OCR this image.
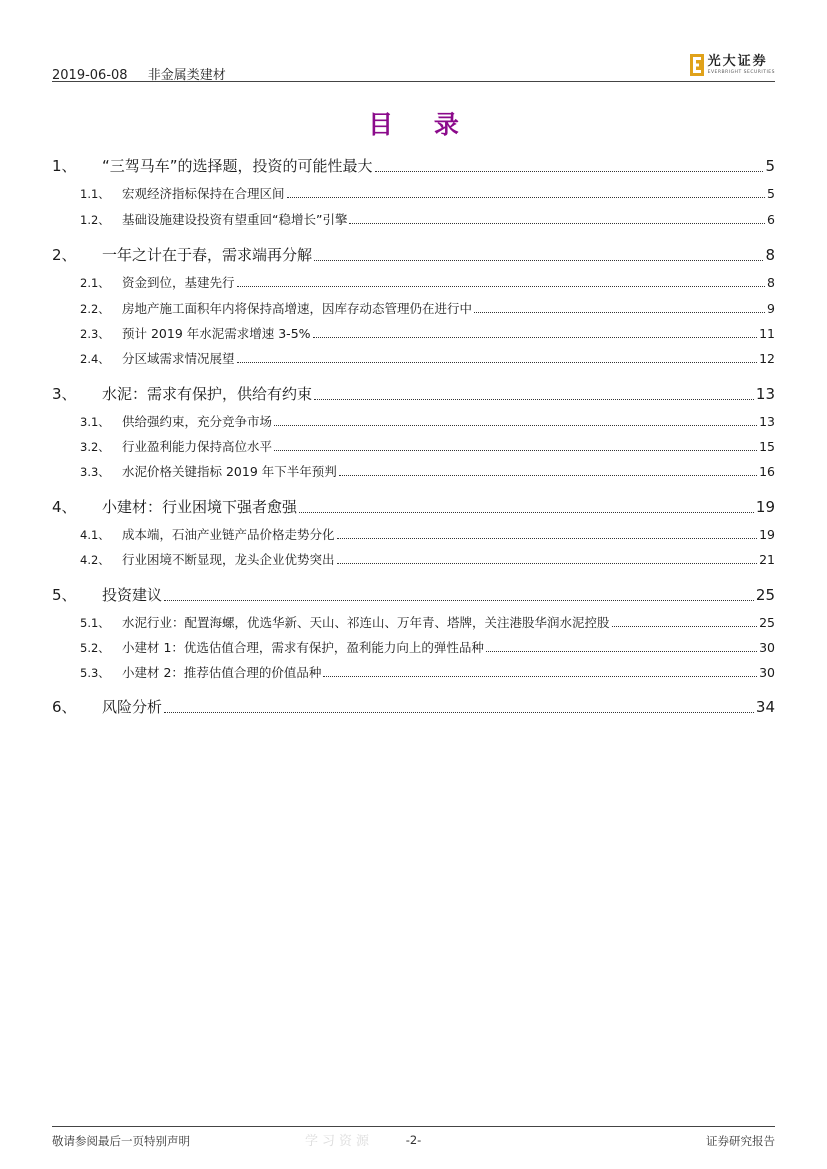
2019-06-08 非金属类建材
光大证券
EVERBRIGHT SECURITIES
目 录
1、	“三驾马车”的选择题，投资的可能性最大	5
1.1、 宏观经济指标保持在合理区间	5
1.2、 基础设施建设投资有望重回“稳增长”引擎	6
2、	一年之计在于春，需求端再分解	8
2.1、 资金到位，基建先行	8
2.2、 房地产施工面积年内将保持高增速，因库存动态管理仍在进行中	9
2.3、 预计 2019 年水泥需求增速 3-5%	11
2.4、 分区域需求情况展望	12
3、	水泥：需求有保护，供给有约束	13
3.1、 供给强约束，充分竞争市场	13
3.2、 行业盈利能力保持高位水平	15
3.3、 水泥价格关键指标 2019 年下半年预判	16
4、	小建材：行业困境下强者愈强	19
4.1、 成本端，石油产业链产品价格走势分化	19
4.2、 行业困境不断显现，龙头企业优势突出	21
5、	投资建议	25
5.1、 水泥行业：配置海螺，优选华新、天山、祁连山、万年青、塔牌，关注港股华润水泥控股	25
5.2、 小建材 1：优选估值合理，需求有保护，盈利能力向上的弹性品种	30
5.3、 小建材 2：推荐估值合理的价值品种	30
6、	风险分析	34
学习资源
敬请参阅最后一页特别声明	-2-	证券研究报告
